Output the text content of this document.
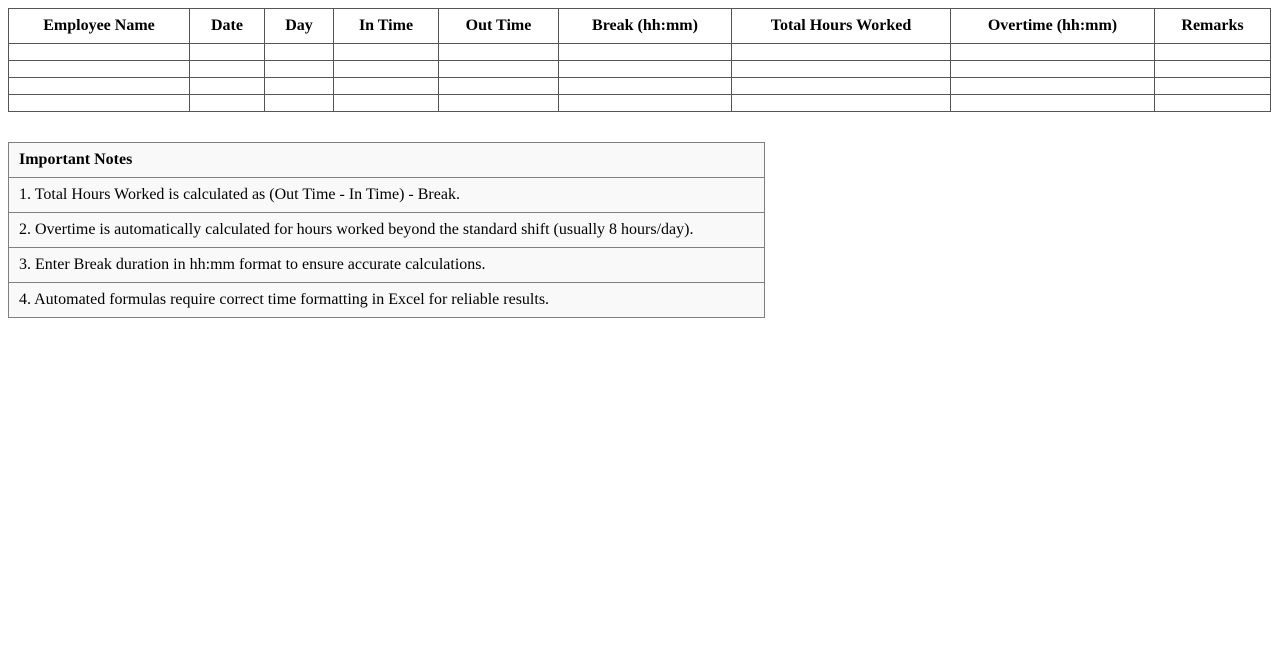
Employee Name	Date	Day	In Time	Out Time	Break (hh:mm)	Total Hours Worked	Overtime (hh:mm)	Remarks

Important Notes
1. Total Hours Worked is calculated as (Out Time - In Time) - Break.
2. Overtime is automatically calculated for hours worked beyond the standard shift (usually 8 hours/day).
3. Enter Break duration in hh:mm format to ensure accurate calculations.
4. Automated formulas require correct time formatting in Excel for reliable results.
